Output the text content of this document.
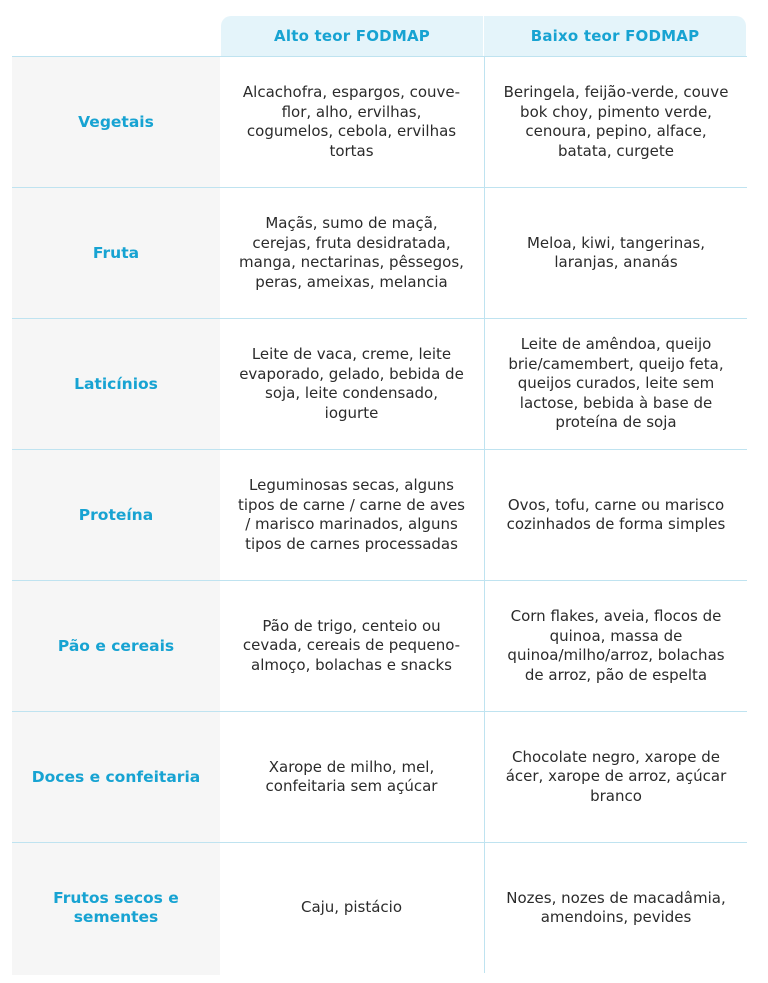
Alto teor FODMAP	Baixo teor FODMAP
Vegetais
Alcachofra, espargos, couve-flor, alho, ervilhas, cogumelos, cebola, ervilhas tortas
Beringela, feijão-verde, couve bok choy, pimento verde, cenoura, pepino, alface, batata, curgete
Fruta
Maçãs, sumo de maçã, cerejas, fruta desidratada, manga, nectarinas, pêssegos, peras, ameixas, melancia
Meloa, kiwi, tangerinas, laranjas, ananás
Laticínios
Leite de vaca, creme, leite evaporado, gelado, bebida de soja, leite condensado, iogurte
Leite de amêndoa, queijo brie/camembert, queijo feta, queijos curados, leite sem lactose, bebida à base de proteína de soja
Proteína
Leguminosas secas, alguns tipos de carne / carne de aves / marisco marinados, alguns tipos de carnes processadas
Ovos, tofu, carne ou marisco cozinhados de forma simples
Pão e cereais
Pão de trigo, centeio ou cevada, cereais de pequeno-almoço, bolachas e snacks
Corn flakes, aveia, flocos de quinoa, massa de quinoa/milho/arroz, bolachas de arroz, pão de espelta
Doces e confeitaria
Xarope de milho, mel, confeitaria sem açúcar
Chocolate negro, xarope de ácer, xarope de arroz, açúcar branco
Frutos secos e sementes
Caju, pistácio
Nozes, nozes de macadâmia, amendoins, pevides
